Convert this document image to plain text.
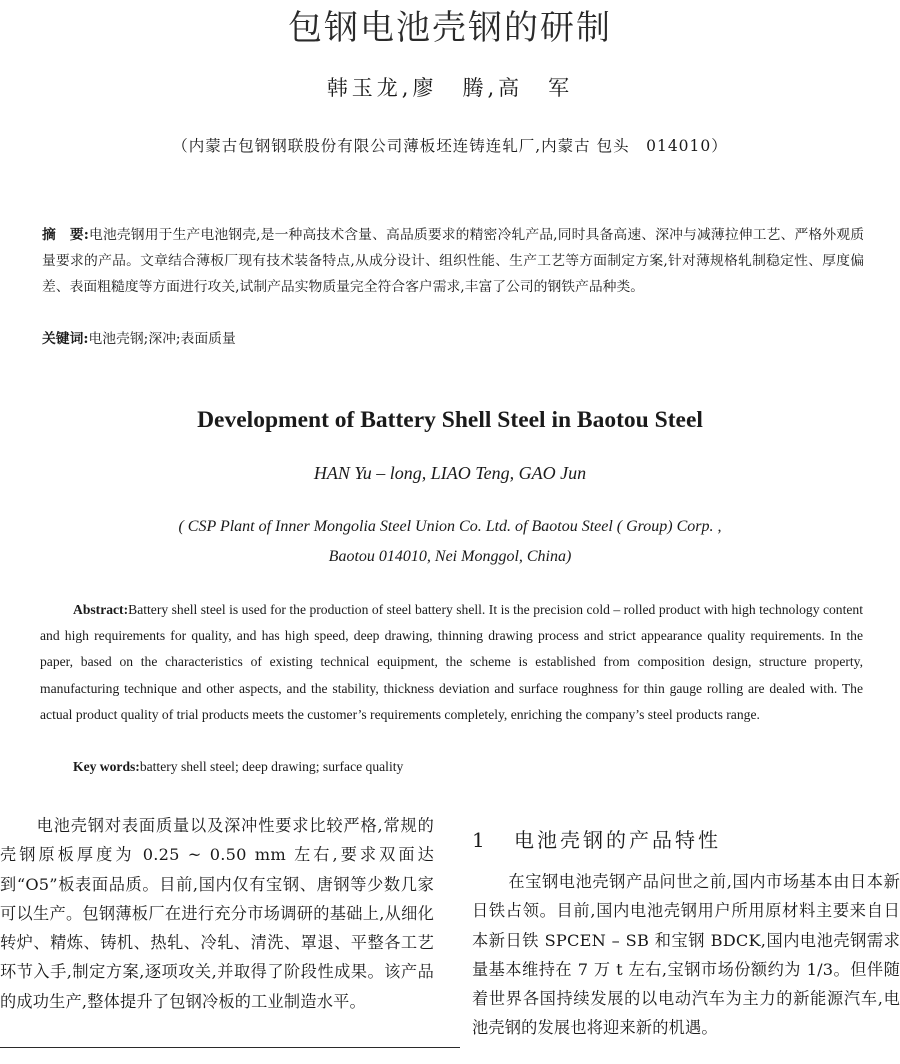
包钢电池壳钢的研制
韩玉龙,廖　腾,高　军
（内蒙古包钢钢联股份有限公司薄板坯连铸连轧厂,内蒙古 包头　014010）
摘　要:电池壳钢用于生产电池钢壳,是一种高技术含量、高品质要求的精密冷轧产品,同时具备高速、深冲与减薄拉伸工艺、严格外观质量要求的产品。文章结合薄板厂现有技术装备特点,从成分设计、组织性能、生产工艺等方面制定方案,针对薄规格轧制稳定性、厚度偏差、表面粗糙度等方面进行攻关,试制产品实物质量完全符合客户需求,丰富了公司的钢铁产品种类。
关键词:电池壳钢;深冲;表面质量
Development of Battery Shell Steel in Baotou Steel
HAN Yu – long, LIAO Teng, GAO Jun
( CSP Plant of Inner Mongolia Steel Union Co. Ltd. of Baotou Steel ( Group) Corp. ,
Baotou 014010, Nei Monggol, China)
Abstract:Battery shell steel is used for the production of steel battery shell. It is the precision cold – rolled product with high technology content and high requirements for quality, and has high speed, deep drawing, thinning drawing process and strict appearance quality requirements. In the paper, based on the characteristics of existing technical equipment, the scheme is established from composition design, structure property, manufacturing technique and other aspects, and the stability, thickness deviation and surface roughness for thin gauge rolling are dealed with. The actual product quality of trial products meets the customer’s requirements completely, enriching the company’s steel products range.
Key words:battery shell steel; deep drawing; surface quality
电池壳钢对表面质量以及深冲性要求比较严格,常规的壳钢原板厚度为 0.25 ~ 0.50 mm 左右,要求双面达到“O5”板表面品质。目前,国内仅有宝钢、唐钢等少数几家可以生产。包钢薄板厂在进行充分市场调研的基础上,从细化转炉、精炼、铸机、热轧、冷轧、清洗、罩退、平整各工艺环节入手,制定方案,逐项攻关,并取得了阶段性成果。该产品的成功生产,整体提升了包钢冷板的工业制造水平。
1 电池壳钢的产品特性
在宝钢电池壳钢产品问世之前,国内市场基本由日本新日铁占领。目前,国内电池壳钢用户所用原材料主要来自日本新日铁 SPCEN – SB 和宝钢 BDCK,国内电池壳钢需求量基本维持在 7 万 t 左右,宝钢市场份额约为 1/3。但伴随着世界各国持续发展的以电动汽车为主力的新能源汽车,电池壳钢的发展也将迎来新的机遇。
